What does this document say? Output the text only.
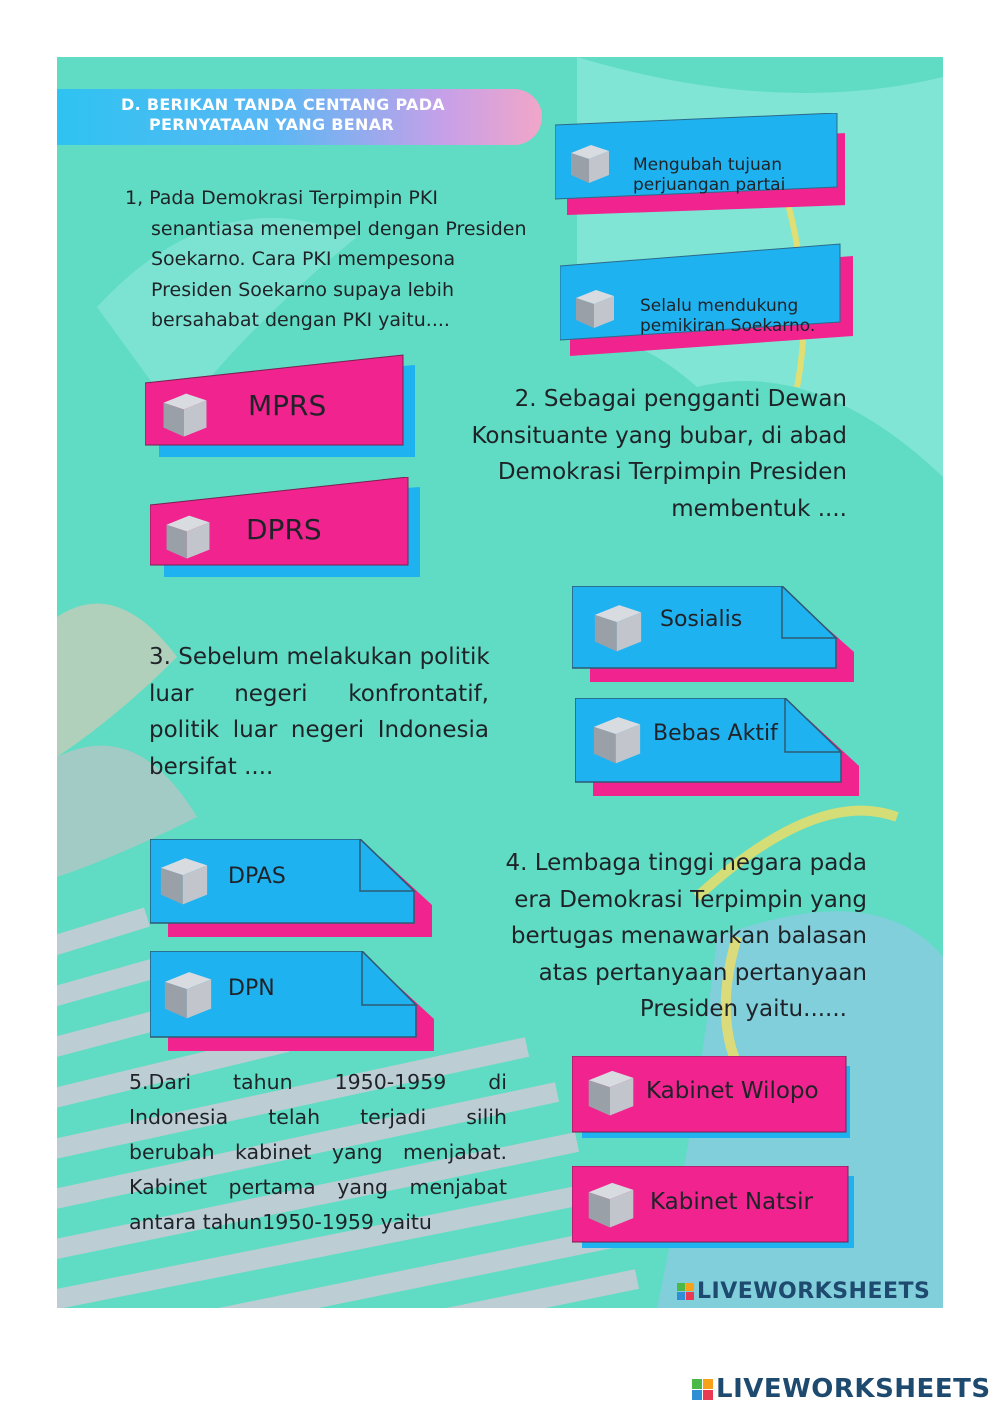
D. BERIKAN TANDA CENTANG PADA
PERNYATAAN YANG BENAR
1, Pada Demokrasi Terpimpin PKI
senantiasa menempel dengan Presiden
Soekarno. Cara PKI mempesona
Presiden Soekarno supaya lebih
bersahabat dengan PKI yaitu....
2. Sebagai pengganti Dewan
Konsituante yang bubar, di abad
Demokrasi Terpimpin Presiden
membentuk ....
3. Sebelum melakukan politik
luar negeri konfrontatif,
politik luar negeri Indonesia
bersifat ....
4. Lembaga tinggi negara pada
era Demokrasi Terpimpin yang
bertugas menawarkan balasan
atas pertanyaan pertanyaan
Presiden yaitu......
5.Dari tahun 1950-1959 di
Indonesia telah terjadi silih
berubah kabinet yang menjabat.
Kabinet pertama yang menjabat
antara tahun1950-1959 yaitu
Mengubah tujuan
perjuangan partai
Selalu mendukung
pemikiran Soekarno.
MPRS
DPRS
Sosialis
Bebas Aktif
DPAS
DPN
Kabinet Wilopo
Kabinet Natsir
LIVEWORKSHEETS
LIVEWORKSHEETS
